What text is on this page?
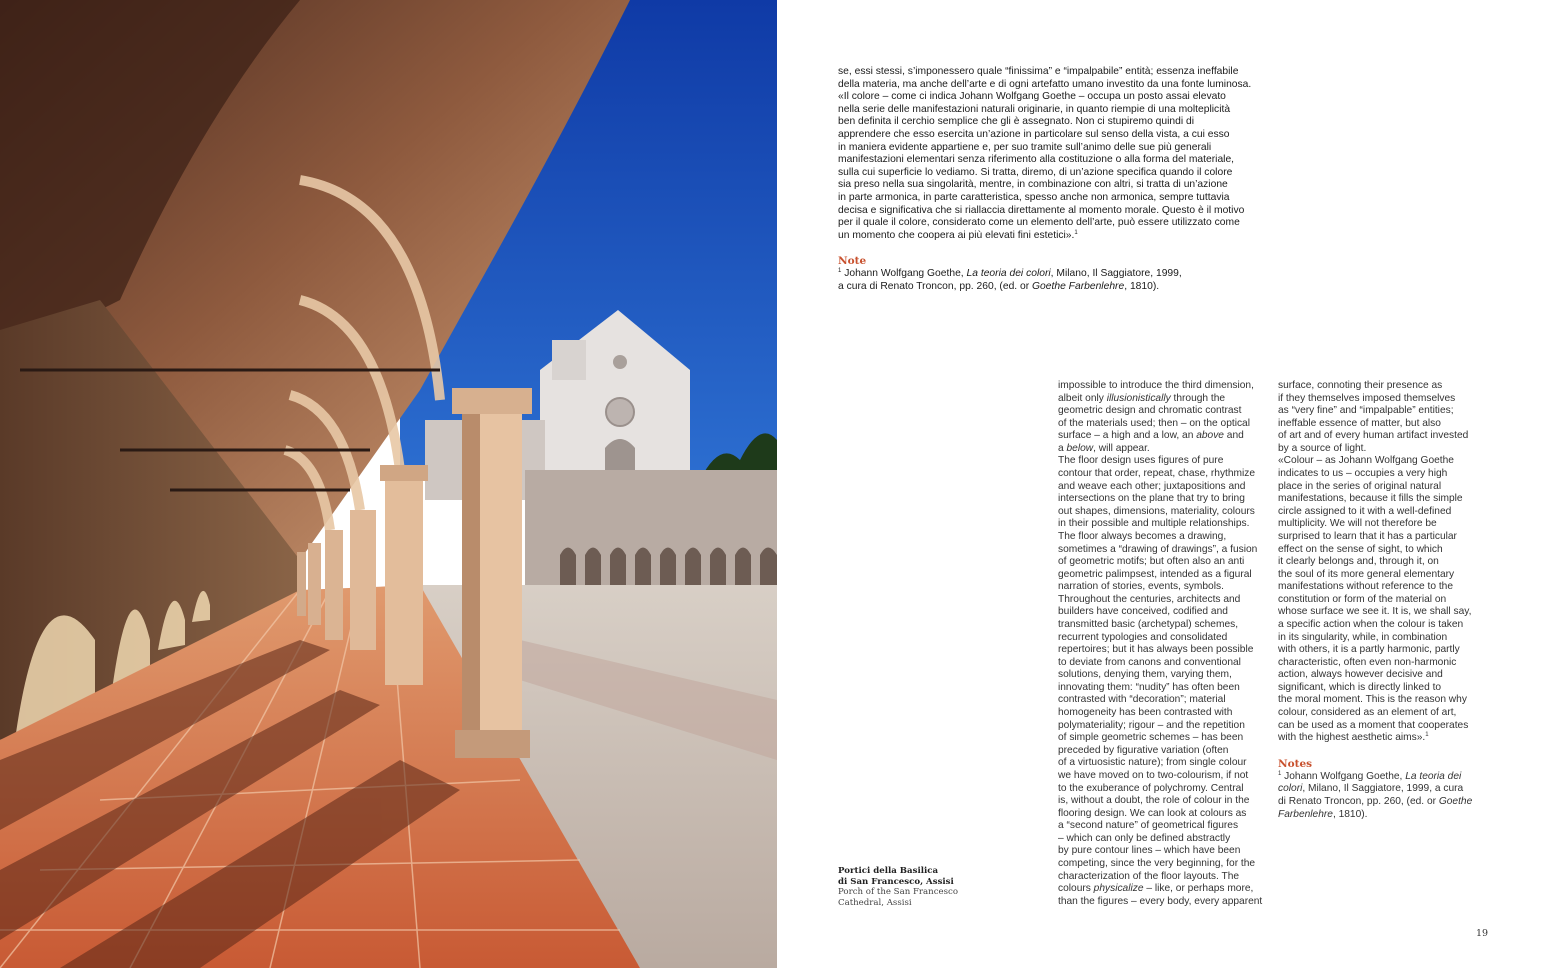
se, essi stessi, s’imponessero quale “finissima” e “impalpabile” entità; essenza ineffabile
della materia, ma anche dell’arte e di ogni artefatto umano investito da una fonte luminosa.
«Il colore – come ci indica Johann Wolfgang Goethe – occupa un posto assai elevato
nella serie delle manifestazioni naturali originarie, in quanto riempie di una molteplicità
ben definita il cerchio semplice che gli è assegnato. Non ci stupiremo quindi di
apprendere che esso esercita un’azione in particolare sul senso della vista, a cui esso
in maniera evidente appartiene e, per suo tramite sull’animo delle sue più generali
manifestazioni elementari senza riferimento alla costituzione o alla forma del materiale,
sulla cui superficie lo vediamo. Si tratta, diremo, di un’azione specifica quando il colore
sia preso nella sua singolarità, mentre, in combinazione con altri, si tratta di un’azione
in parte armonica, in parte caratteristica, spesso anche non armonica, sempre tuttavia
decisa e significativa che si riallaccia direttamente al momento morale. Questo è il motivo
per il quale il colore, considerato come un elemento dell’arte, può essere utilizzato come
un momento che coopera ai più elevati fini estetici».$^1$

Note
$^1$ Johann Wolfgang Goethe, La teoria dei colori, Milano, Il Saggiatore, 1999,
a cura di Renato Troncon, pp. 260, (ed. or Goethe Farbenlehre, 1810).
impossible to introduce the third dimension,
albeit only illusionistically through the
geometric design and chromatic contrast
of the materials used; then – on the optical
surface – a high and a low, an above and
a below, will appear.
The floor design uses figures of pure
contour that order, repeat, chase, rhythmize
and weave each other; juxtapositions and
intersections on the plane that try to bring
out shapes, dimensions, materiality, colours
in their possible and multiple relationships.
The floor always becomes a drawing,
sometimes a “drawing of drawings”, a fusion
of geometric motifs; but often also an anti
geometric palimpsest, intended as a figural
narration of stories, events, symbols.
Throughout the centuries, architects and
builders have conceived, codified and
transmitted basic (archetypal) schemes,
recurrent typologies and consolidated
repertoires; but it has always been possible
to deviate from canons and conventional
solutions, denying them, varying them,
innovating them: “nudity” has often been
contrasted with “decoration”; material
homogeneity has been contrasted with
polymateriality; rigour – and the repetition
of simple geometric schemes – has been
preceded by figurative variation (often
of a virtuosistic nature); from single colour
we have moved on to two-colourism, if not
to the exuberance of polychromy. Central
is, without a doubt, the role of colour in the
flooring design. We can look at colours as
a “second nature” of geometrical figures
– which can only be defined abstractly
by pure contour lines – which have been
competing, since the very beginning, for the
characterization of the floor layouts. The
colours physicalize – like, or perhaps more,
than the figures – every body, every apparent
surface, connoting their presence as
if they themselves imposed themselves
as “very fine” and “impalpable” entities;
ineffable essence of matter, but also
of art and of every human artifact invested
by a source of light.
«Colour – as Johann Wolfgang Goethe
indicates to us – occupies a very high
place in the series of original natural
manifestations, because it fills the simple
circle assigned to it with a well-defined
multiplicity. We will not therefore be
surprised to learn that it has a particular
effect on the sense of sight, to which
it clearly belongs and, through it, on
the soul of its more general elementary
manifestations without reference to the
constitution or form of the material on
whose surface we see it. It is, we shall say,
a specific action when the colour is taken
in its singularity, while, in combination
with others, it is a partly harmonic, partly
characteristic, often even non-harmonic
action, always however decisive and
significant, which is directly linked to
the moral moment. This is the reason why
colour, considered as an element of art,
can be used as a moment that cooperates
with the highest aesthetic aims».$^1$
Notes
$^1$ Johann Wolfgang Goethe, La teoria dei
colori, Milano, Il Saggiatore, 1999, a cura
di Renato Troncon, pp. 260, (ed. or Goethe
Farbenlehre, 1810).
Portici della Basilica
di San Francesco, Assisi
Porch of the San Francesco
Cathedral, Assisi
19
